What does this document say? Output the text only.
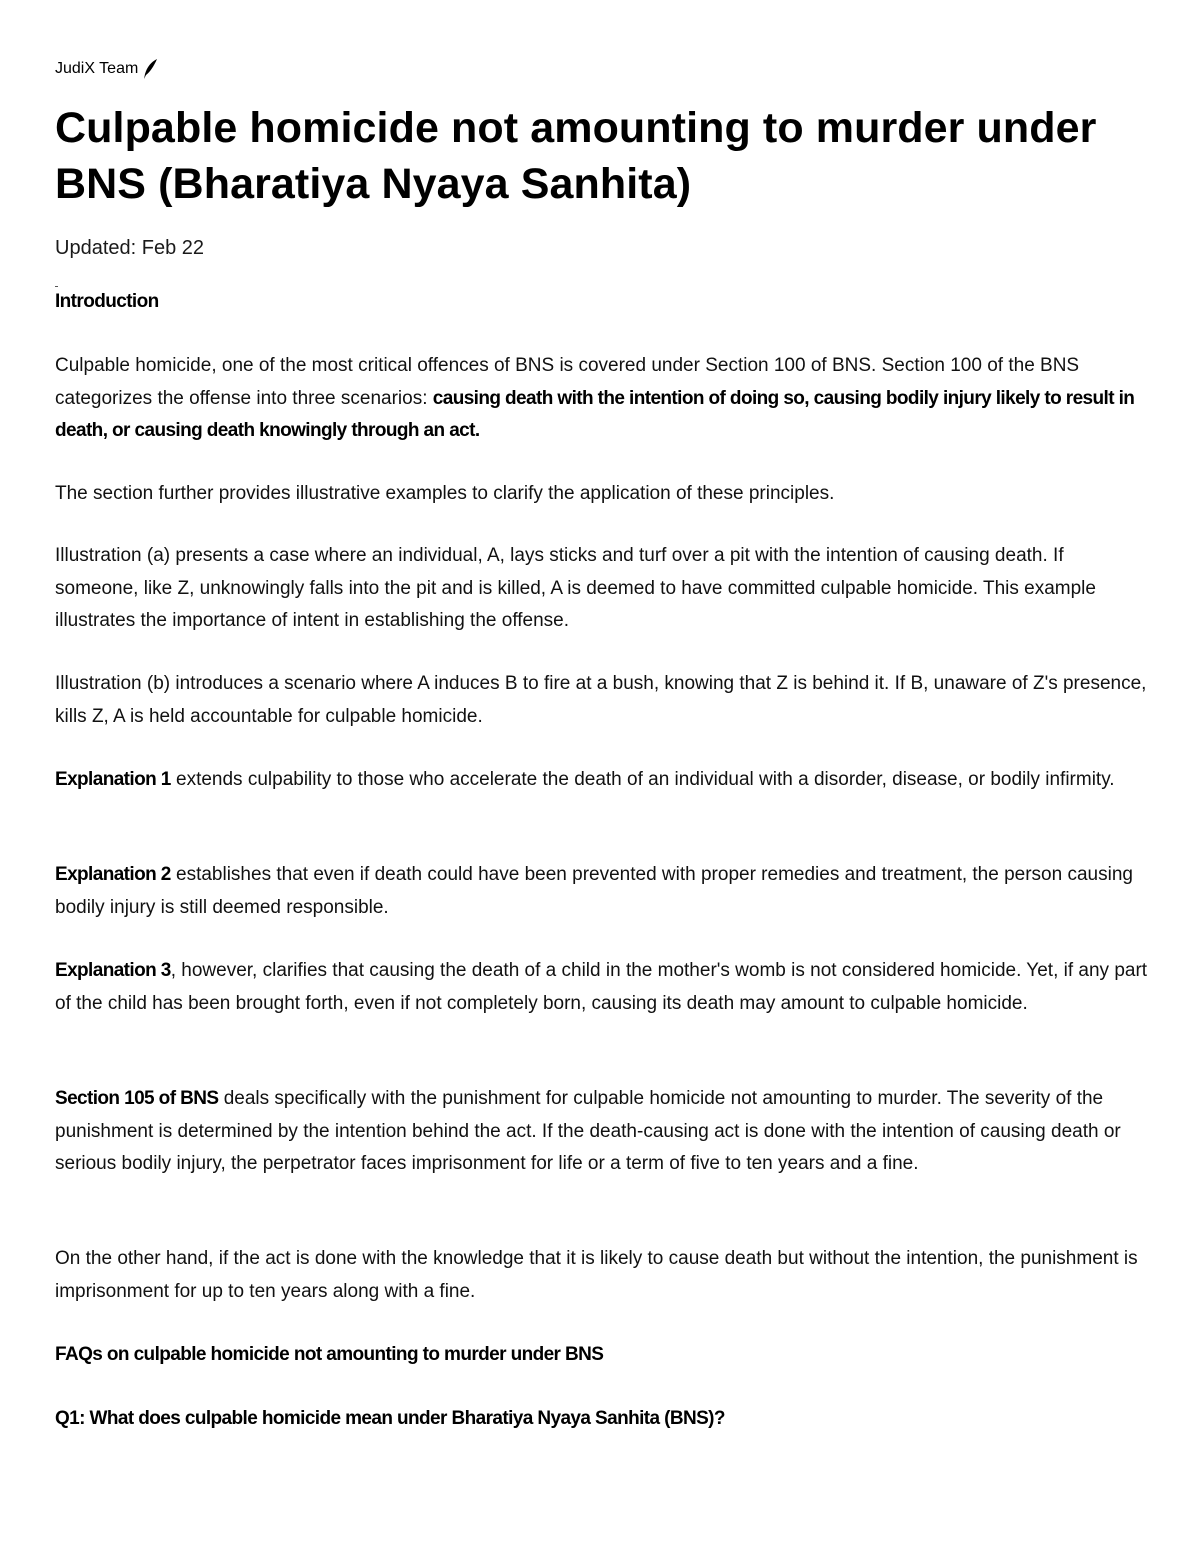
JudiX Team
Culpable homicide not amounting to murder under BNS (Bharatiya Nyaya Sanhita)
Updated: Feb 22
Introduction

Culpable homicide, one of the most critical offences of BNS is covered under Section 100 of BNS. Section 100 of the BNS categorizes the offense into three scenarios: causing death with the intention of doing so, causing bodily injury likely to result in death, or causing death knowingly through an act.

The section further provides illustrative examples to clarify the application of these principles.

Illustration (a) presents a case where an individual, A, lays sticks and turf over a pit with the intention of causing death. If someone, like Z, unknowingly falls into the pit and is killed, A is deemed to have committed culpable homicide. This example illustrates the importance of intent in establishing the offense.

Illustration (b) introduces a scenario where A induces B to fire at a bush, knowing that Z is behind it. If B, unaware of Z's presence, kills Z, A is held accountable for culpable homicide.

Explanation 1 extends culpability to those who accelerate the death of an individual with a disorder, disease, or bodily infirmity.

Explanation 2 establishes that even if death could have been prevented with proper remedies and treatment, the person causing bodily injury is still deemed responsible.

Explanation 3, however, clarifies that causing the death of a child in the mother's womb is not considered homicide. Yet, if any part of the child has been brought forth, even if not completely born, causing its death may amount to culpable homicide.

Section 105 of BNS deals specifically with the punishment for culpable homicide not amounting to murder. The severity of the punishment is determined by the intention behind the act. If the death-causing act is done with the intention of causing death or serious bodily injury, the perpetrator faces imprisonment for life or a term of five to ten years and a fine.

On the other hand, if the act is done with the knowledge that it is likely to cause death but without the intention, the punishment is imprisonment for up to ten years along with a fine.

FAQs on culpable homicide not amounting to murder under BNS
Q1: What does culpable homicide mean under Bharatiya Nyaya Sanhita (BNS)?
